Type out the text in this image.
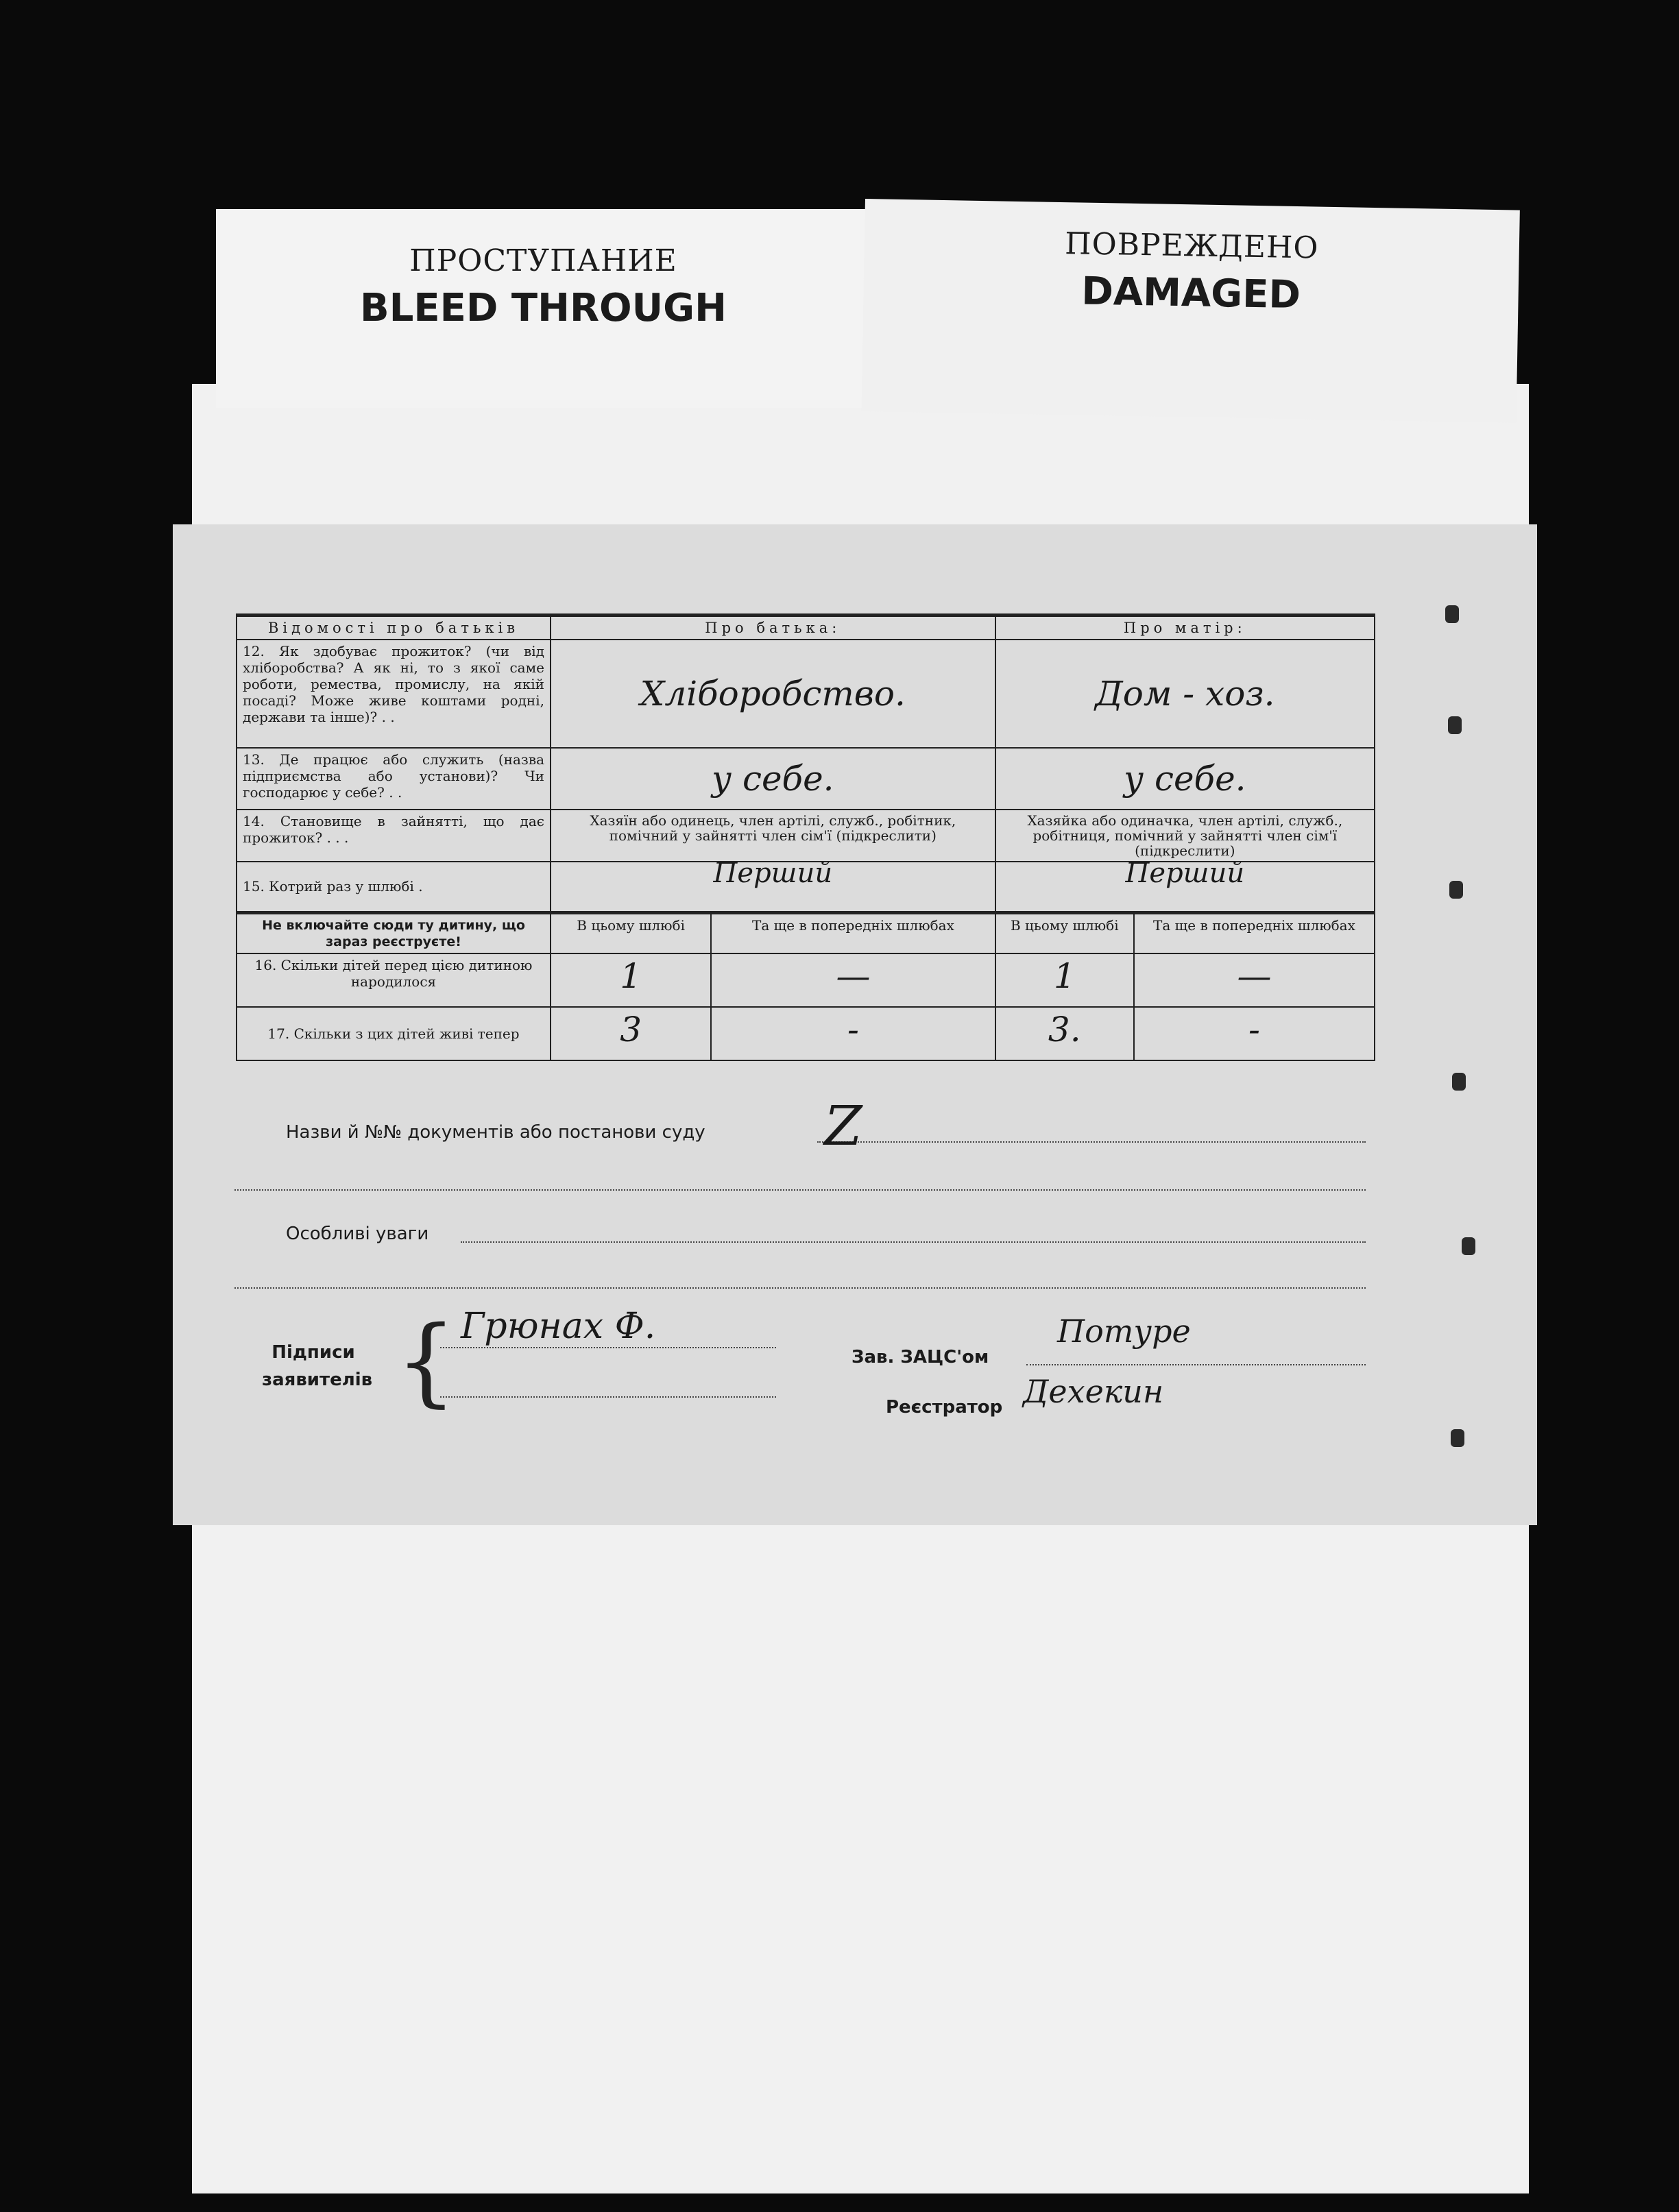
ПРОСТУПАНИЕ
BLEED THROUGH
ПОВРЕЖДЕНО
DAMAGED
Відомості про батьків	Про батька:		Про матір:	
12. Як здобуває прожиток? (чи від хліборобства? А як ні, то з якої саме роботи, ремества, промислу, на якій посаді? Може живе коштами родні, держави та інше)? . .	Хліборобство.		Дом - хоз.	
13. Де працює або служить (назва підприємства або установи)? Чи господарює у себе? . .	у себе.		у себе.	
14. Становище в зайнятті, що дає прожиток? . . .	Хазяїн або одинець, член артілі, служб., робітник, помічний у зайнятті член сім'ї (підкреслити)		Хазяйка або одиначка, член артілі, служб., робітниця, помічний у зайнятті член сім'ї (підкреслити)	
15. Котрий раз у шлюбі .	Перший		Перший	
Не включайте сюди ту дитину, що зараз реєструєте!	В цьому шлюбі	Та ще в попередніх шлюбах	В цьому шлюбі	Та ще в попередніх шлюбах
16. Скільки дітей перед цією дитиною народилося	1	—	1	—
17. Скільки з цих дітей живі тепер	3	-	3.	-
Назви й №№ документів або постанови суду Z
Особливі уваги
Підписи
заявителів { Грюнах Ф.
Зав. ЗАЦС'ом
Потуре
Реєстратор Дехекин
